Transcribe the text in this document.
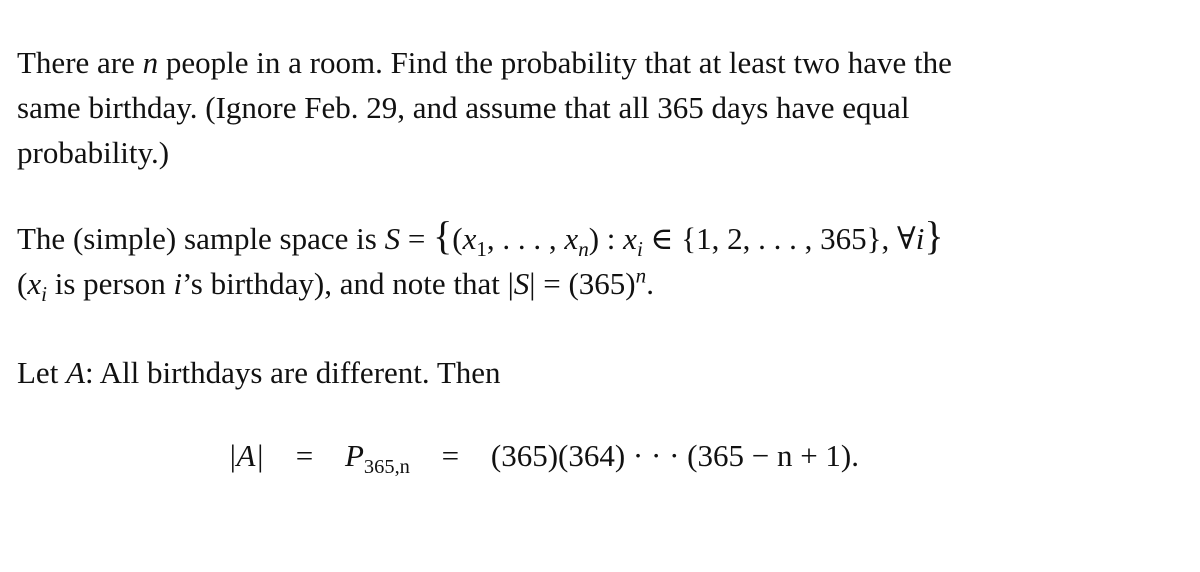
There are n people in a room. Find the probability that at least two have the
same birthday. (Ignore Feb. 29, and assume that all 365 days have equal
probability.)

The (simple) sample space is $S = \{(x_1$, . . . , $x_n$) : $x_i$ ∈ {1, 2, . . . , 365}, ∀i}
($x_i$ is person i’s birthday), and note that $|S| = (365)^n$.

Let A: All birthdays are different. Then

$|A| = P_{365,n} = (365)(364)$ · · · (365 − n + 1).
